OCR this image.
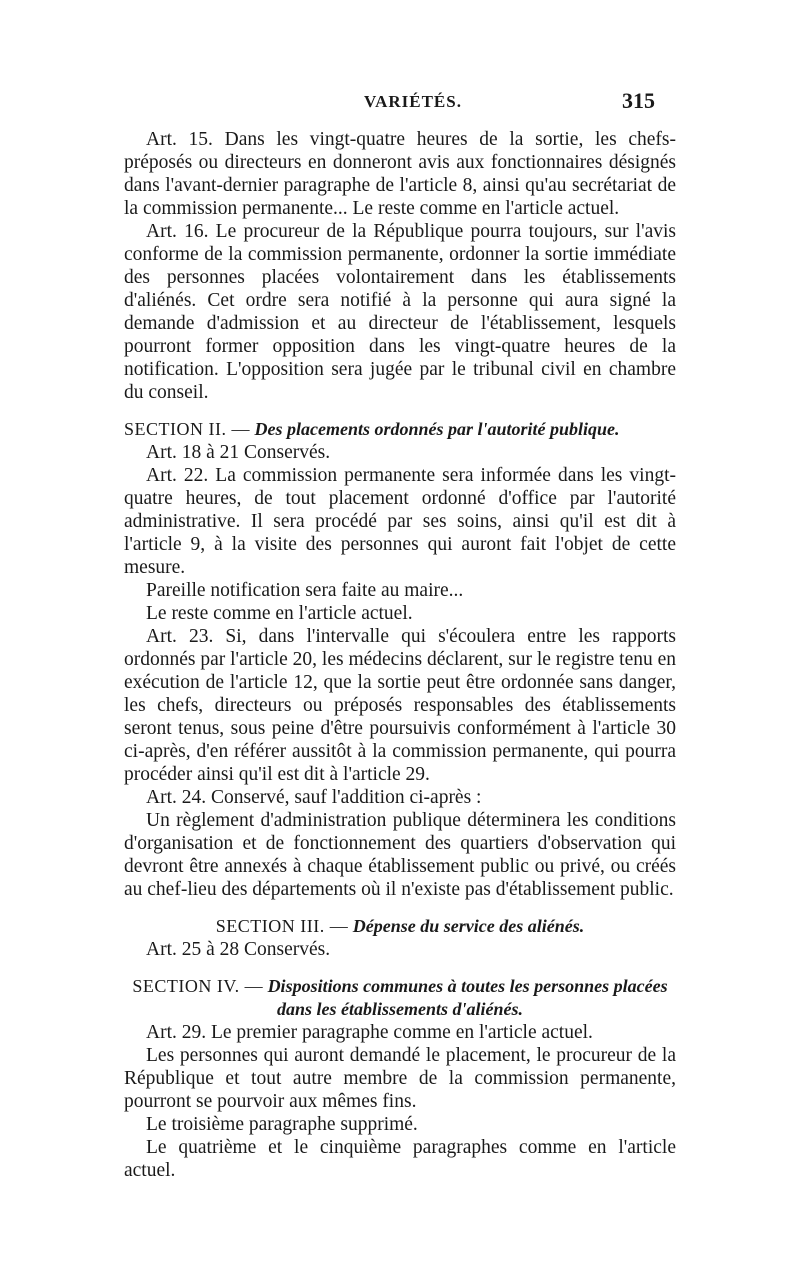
VARIÉTÉS.	315

Art. 15. Dans les vingt-quatre heures de la sortie, les chefs-préposés ou directeurs en donneront avis aux fonctionnaires désignés dans l'avant-dernier paragraphe de l'article 8, ainsi qu'au secrétariat de la commission permanente... Le reste comme en l'article actuel.

Art. 16. Le procureur de la République pourra toujours, sur l'avis conforme de la commission permanente, ordonner la sortie immédiate des personnes placées volontairement dans les établissements d'aliénés. Cet ordre sera notifié à la personne qui aura signé la demande d'admission et au directeur de l'établissement, lesquels pourront former opposition dans les vingt-quatre heures de la notification. L'opposition sera jugée par le tribunal civil en chambre du conseil.

SECTION II. — Des placements ordonnés par l'autorité publique.

Art. 18 à 21 Conservés.

Art. 22. La commission permanente sera informée dans les vingt-quatre heures, de tout placement ordonné d'office par l'autorité administrative. Il sera procédé par ses soins, ainsi qu'il est dit à l'article 9, à la visite des personnes qui auront fait l'objet de cette mesure.

Pareille notification sera faite au maire...

Le reste comme en l'article actuel.

Art. 23. Si, dans l'intervalle qui s'écoulera entre les rapports ordonnés par l'article 20, les médecins déclarent, sur le registre tenu en exécution de l'article 12, que la sortie peut être ordonnée sans danger, les chefs, directeurs ou préposés responsables des établissements seront tenus, sous peine d'être poursuivis conformément à l'article 30 ci-après, d'en référer aussitôt à la commission permanente, qui pourra procéder ainsi qu'il est dit à l'article 29.

Art. 24. Conservé, sauf l'addition ci-après :

Un règlement d'administration publique déterminera les conditions d'organisation et de fonctionnement des quartiers d'observation qui devront être annexés à chaque établissement public ou privé, ou créés au chef-lieu des départements où il n'existe pas d'établissement public.

SECTION III. — Dépense du service des aliénés.

Art. 25 à 28 Conservés.

SECTION IV. — Dispositions communes à toutes les personnes placées dans les établissements d'aliénés.

Art. 29. Le premier paragraphe comme en l'article actuel.

Les personnes qui auront demandé le placement, le procureur de la République et tout autre membre de la commission permanente, pourront se pourvoir aux mêmes fins.

Le troisième paragraphe supprimé.

Le quatrième et le cinquième paragraphes comme en l'article actuel.
